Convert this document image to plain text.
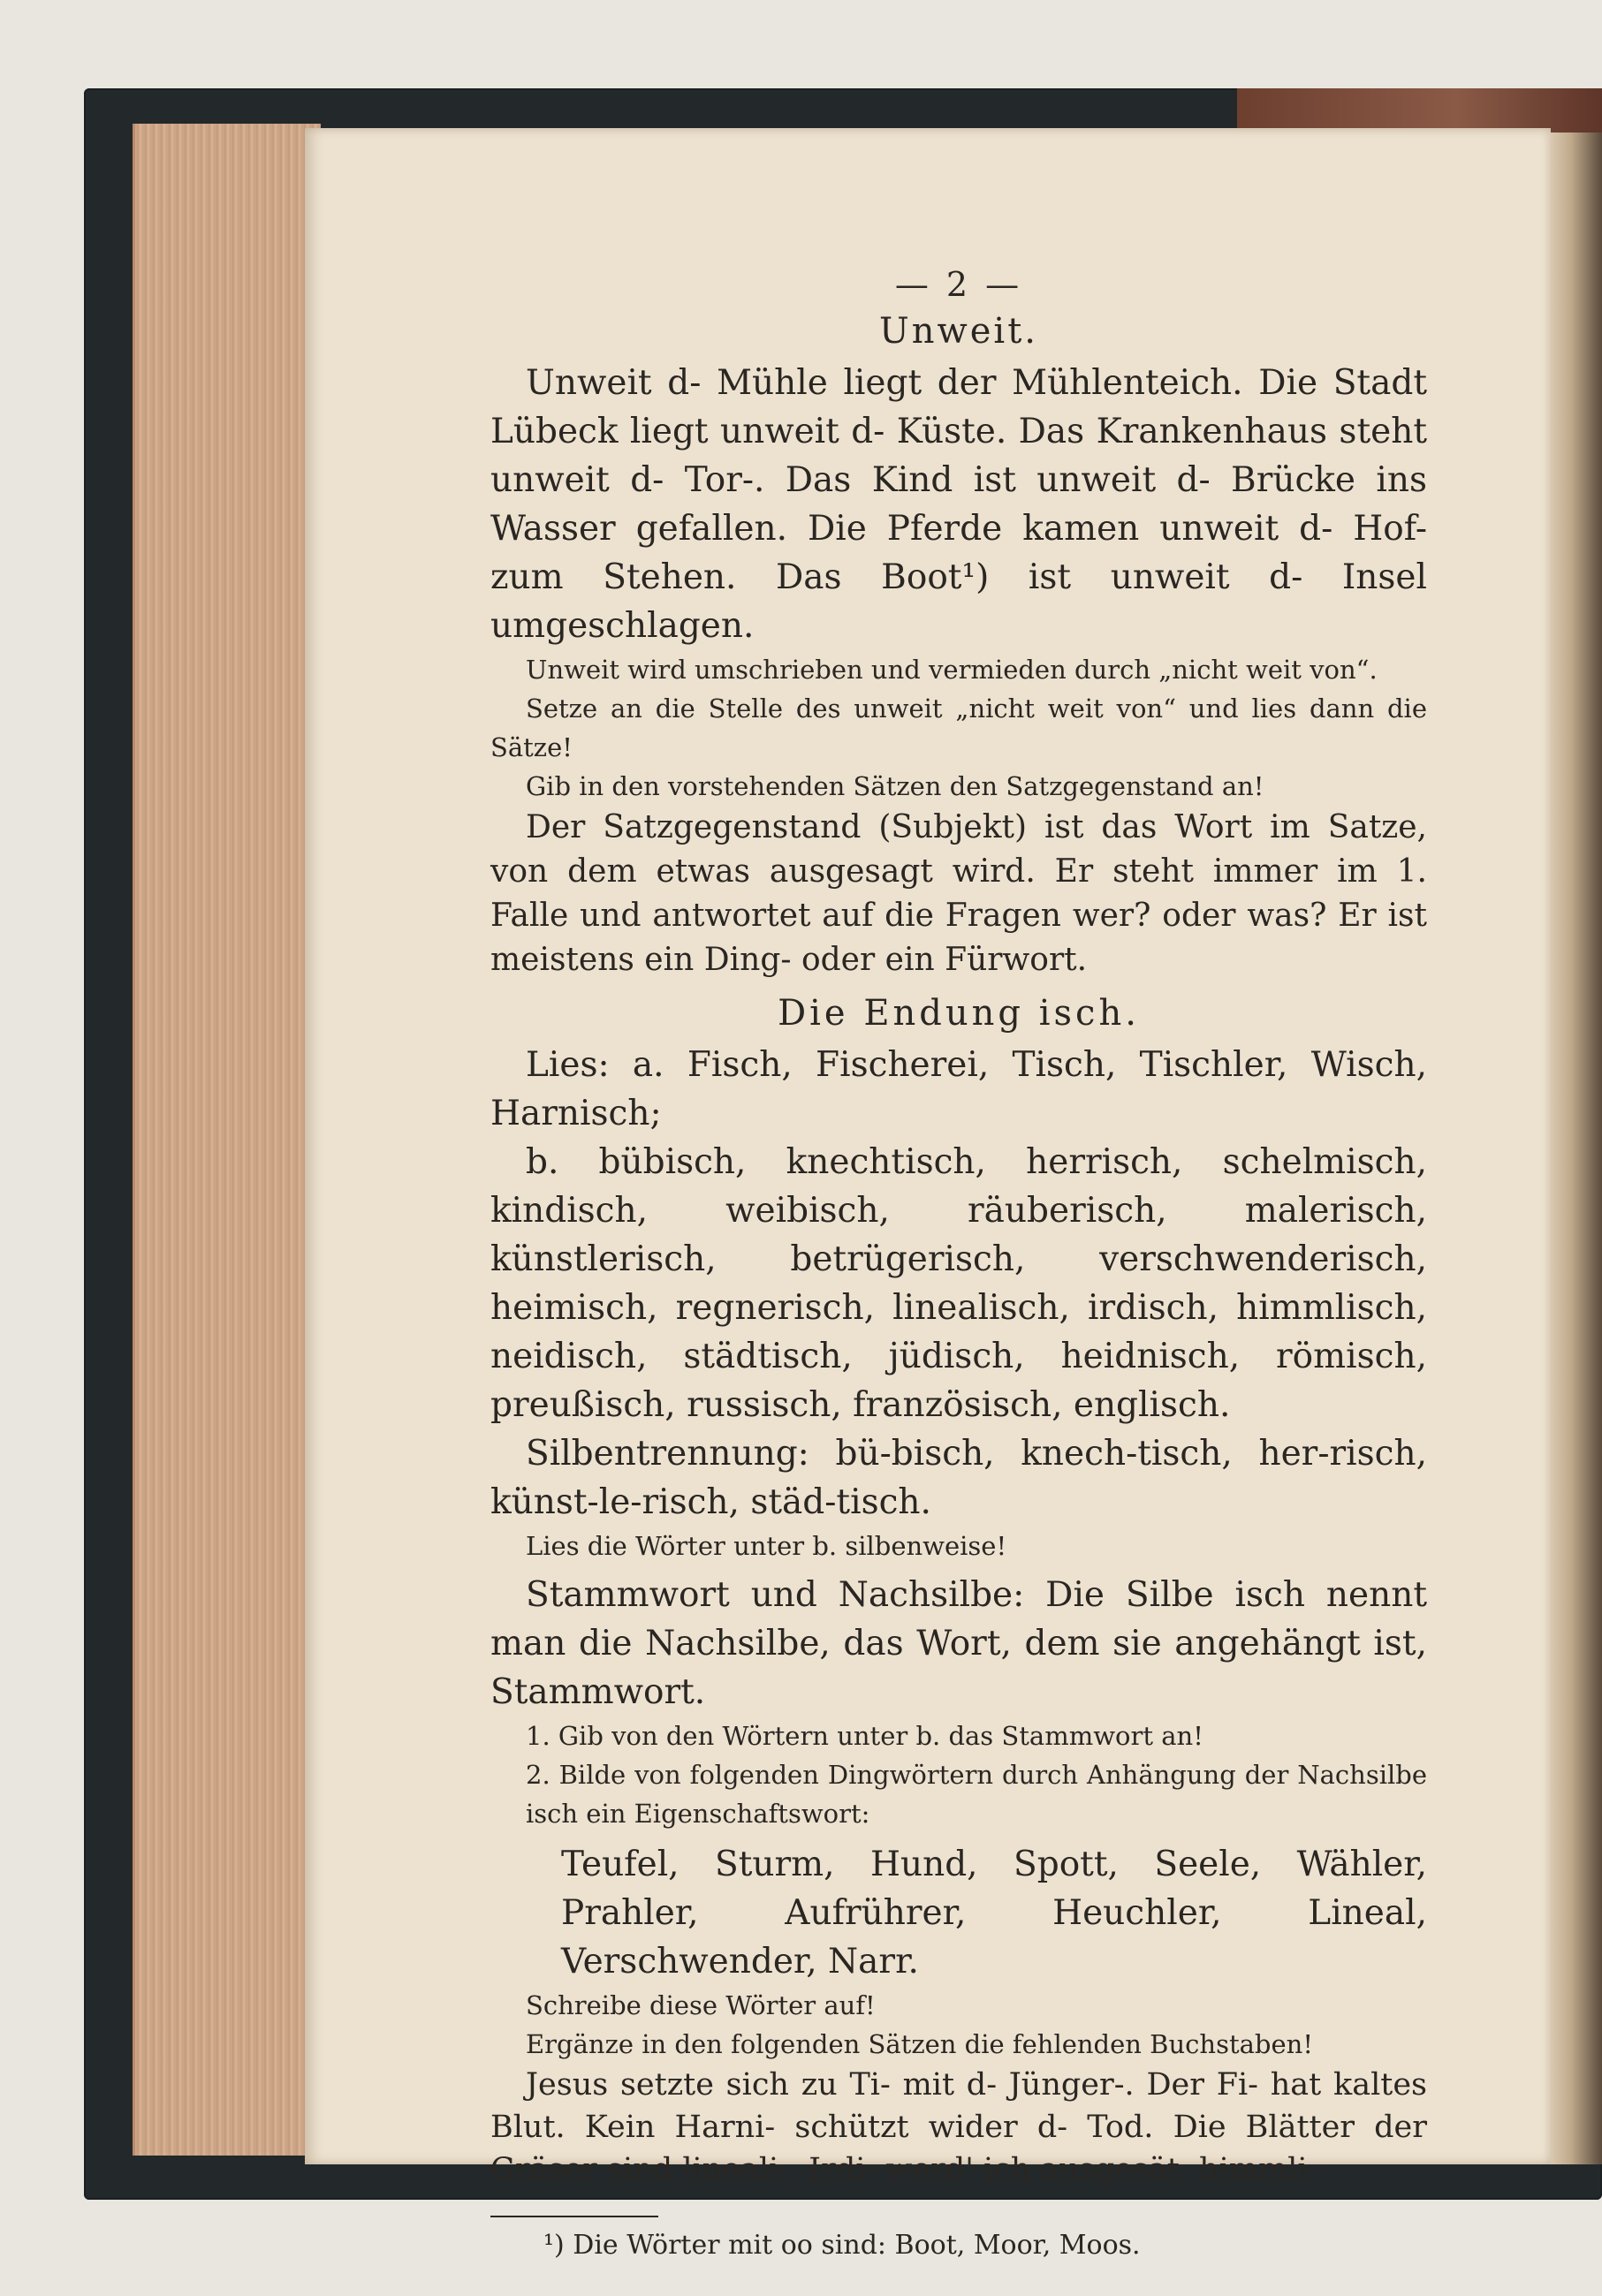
— 2 —
Unweit.

Unweit d- Mühle liegt der Mühlenteich. Die Stadt Lübeck liegt unweit d- Küste. Das Krankenhaus steht unweit d- Tor-. Das Kind ist unweit d- Brücke ins Wasser gefallen. Die Pferde kamen unweit d- Hof- zum Stehen. Das Boot¹) ist unweit d- Insel umgeschlagen.

Unweit wird umschrieben und vermieden durch „nicht weit von“.

Setze an die Stelle des unweit „nicht weit von“ und lies dann die Sätze!

Gib in den vorstehenden Sätzen den Satzgegenstand an!

Der Satzgegenstand (Subjekt) ist das Wort im Satze, von dem etwas ausgesagt wird. Er steht immer im 1. Falle und antwortet auf die Fragen wer? oder was? Er ist meistens ein Ding- oder ein Fürwort.

Die Endung isch.

Lies: a. Fisch, Fischerei, Tisch, Tischler, Wisch, Harnisch;

b. bübisch, knechtisch, herrisch, schelmisch, kindisch, weibisch, räuberisch, malerisch, künstlerisch, betrügerisch, verschwenderisch, heimisch, regnerisch, linealisch, irdisch, himmlisch, neidisch, städtisch, jüdisch, heidnisch, römisch, preußisch, russisch, französisch, englisch.

Silbentrennung: bü-bisch, knech-tisch, her-risch, künst-le-risch, städ-tisch.

Lies die Wörter unter b. silbenweise!

Stammwort und Nachsilbe: Die Silbe isch nennt man die Nachsilbe, das Wort, dem sie angehängt ist, Stammwort.

1. Gib von den Wörtern unter b. das Stammwort an!

2. Bilde von folgenden Dingwörtern durch Anhängung der Nachsilbe isch ein Eigenschaftswort:

Teufel, Sturm, Hund, Spott, Seele, Wähler, Prahler, Aufrührer, Heuchler, Lineal, Verschwender, Narr.

Schreibe diese Wörter auf!

Ergänze in den folgenden Sätzen die fehlenden Buchstaben!

Jesus setzte sich zu Ti- mit d- Jünger-. Der Fi- hat kaltes Blut. Kein Harni- schützt wider d- Tod. Die Blätter der Gräser sind lineali-. Irdi- werd' ich ausgesät, himmli-

¹) Die Wörter mit oo sind: Boot, Moor, Moos.
